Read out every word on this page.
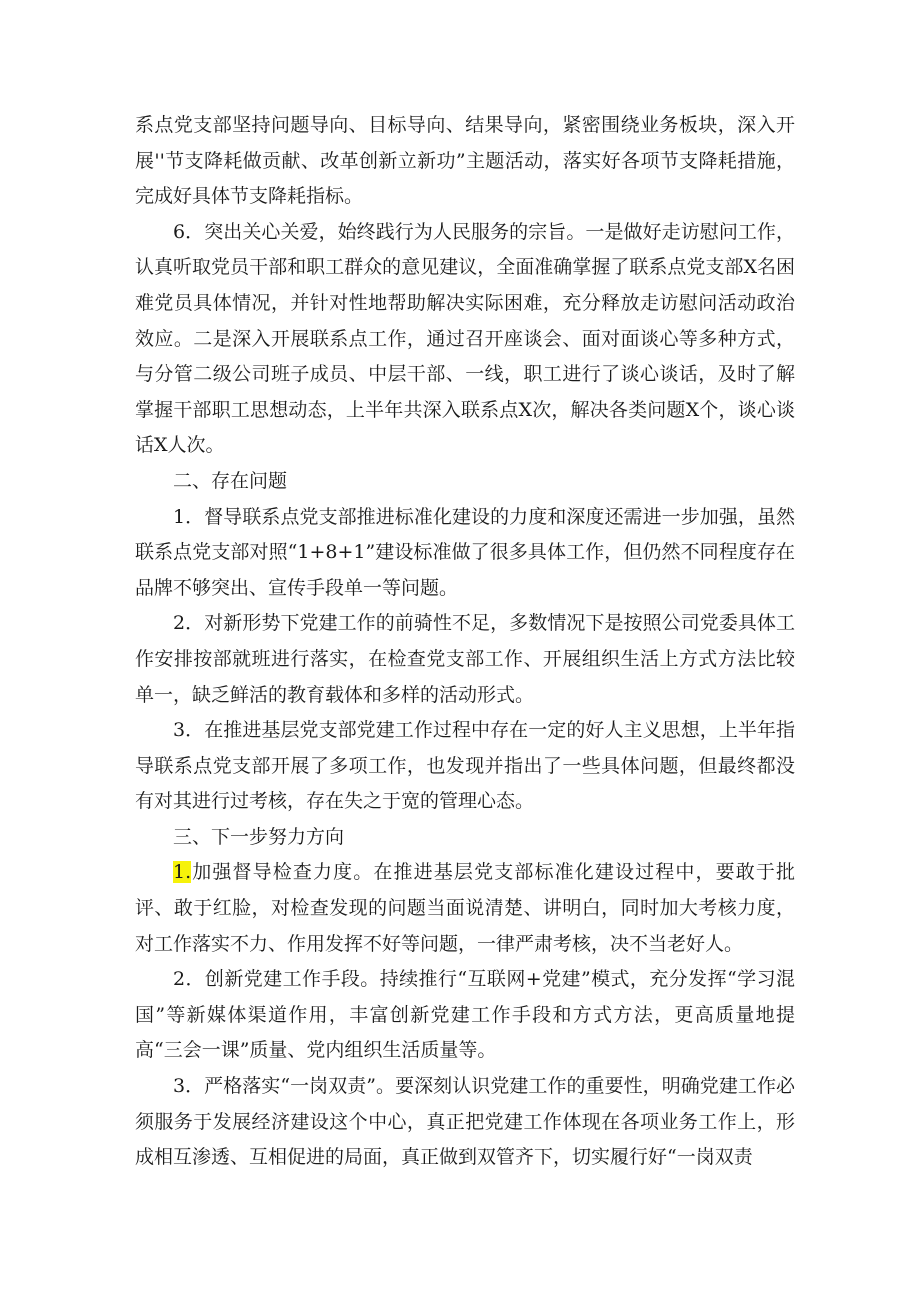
系点党支部坚持问题导向、目标导向、结果导向，紧密围绕业务板块，深入开展''节支降耗做贡献、改革创新立新功”主题活动，落实好各项节支降耗措施，完成好具体节支降耗指标。

6．突出关心关爱，始终践行为人民服务的宗旨。一是做好走访慰问工作，认真听取党员干部和职工群众的意见建议，全面准确掌握了联系点党支部X名困难党员具体情况，并针对性地帮助解决实际困难，充分释放走访慰问活动政治效应。二是深入开展联系点工作，通过召开座谈会、面对面谈心等多种方式，与分管二级公司班子成员、中层干部、一线，职工进行了谈心谈话，及时了解掌握干部职工思想动态，上半年共深入联系点X次，解决各类问题X个，谈心谈话X人次。

二、存在问题

1．督导联系点党支部推进标准化建设的力度和深度还需进一步加强，虽然联系点党支部对照“1+8+1”建设标准做了很多具体工作，但仍然不同程度存在品牌不够突出、宣传手段单一等问题。

2．对新形势下党建工作的前骑性不足，多数情况下是按照公司党委具体工作安排按部就班进行落实，在检查党支部工作、开展组织生活上方式方法比较单一，缺乏鲜活的教育载体和多样的活动形式。

3．在推进基层党支部党建工作过程中存在一定的好人主义思想，上半年指导联系点党支部开展了多项工作，也发现并指出了一些具体问题，但最终都没有对其进行过考核，存在失之于宽的管理心态。

三、下一步努力方向

1.加强督导检查力度。在推进基层党支部标准化建设过程中，要敢于批评、敢于红脸，对检查发现的问题当面说清楚、讲明白，同时加大考核力度，对工作落实不力、作用发挥不好等问题，一律严肃考核，决不当老好人。

2．创新党建工作手段。持续推行“互联网+党建”模式，充分发挥“学习混国”等新媒体渠道作用，丰富创新党建工作手段和方式方法，更高质量地提高“三会一课”质量、党内组织生活质量等。

3．严格落实“一岗双责”。要深刻认识党建工作的重要性，明确党建工作必须服务于发展经济建设这个中心，真正把党建工作体现在各项业务工作上，形成相互渗透、互相促进的局面，真正做到双管齐下，切实履行好“一岗双责
